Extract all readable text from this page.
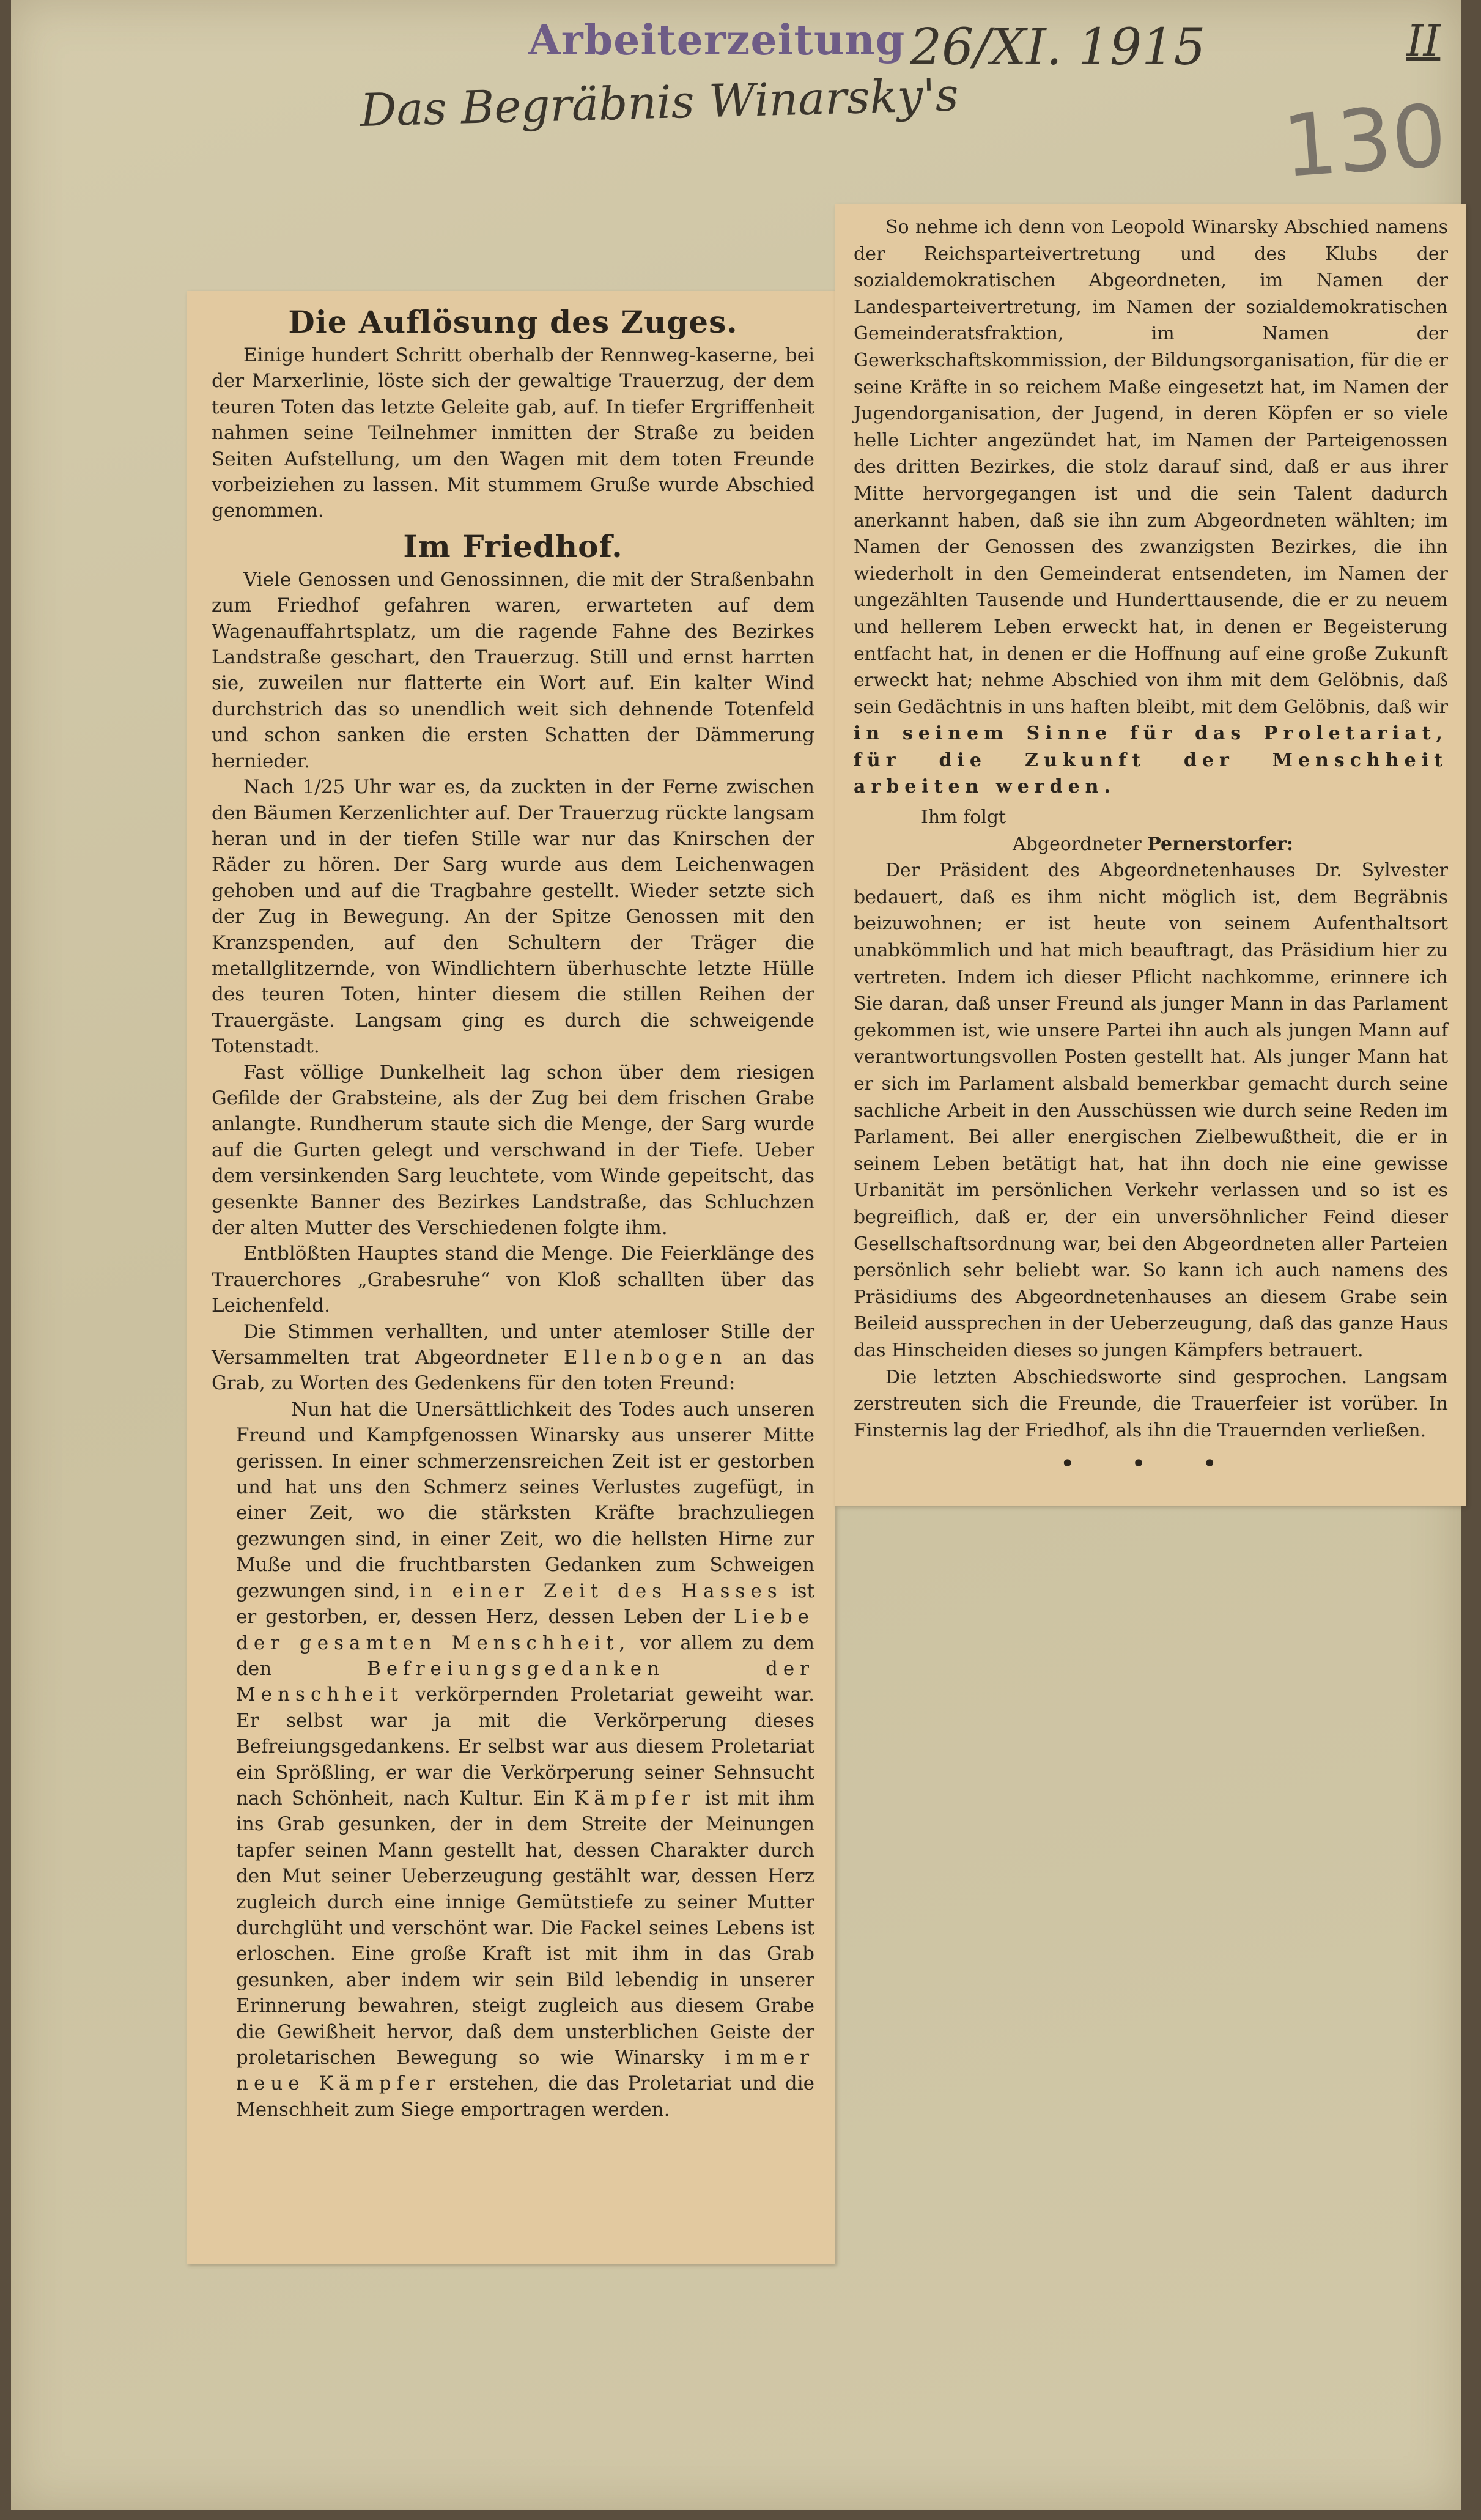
Arbeiterzeitung 26/XI. 1915	II
Das Begräbnis Winarsky's	130
Die Auflösung des Zuges.

Einige hundert Schritt oberhalb der Rennweg-kaserne, bei der Marxerlinie, löste sich der gewaltige Trauerzug, der dem teuren Toten das letzte Geleite gab, auf. In tiefer Ergriffenheit nahmen seine Teilnehmer inmitten der Straße zu beiden Seiten Aufstellung, um den Wagen mit dem toten Freunde vorbeiziehen zu lassen. Mit stummem Gruße wurde Abschied genommen.

Im Friedhof.

Viele Genossen und Genossinnen, die mit der Straßenbahn zum Friedhof gefahren waren, erwarteten auf dem Wagenauffahrtsplatz, um die ragende Fahne des Bezirkes Landstraße geschart, den Trauerzug. Still und ernst harrten sie, zuweilen nur flatterte ein Wort auf. Ein kalter Wind durchstrich das so unendlich weit sich dehnende Totenfeld und schon sanken die ersten Schatten der Dämmerung hernieder.

Nach 1/25 Uhr war es, da zuckten in der Ferne zwischen den Bäumen Kerzenlichter auf. Der Trauerzug rückte langsam heran und in der tiefen Stille war nur das Knirschen der Räder zu hören. Der Sarg wurde aus dem Leichenwagen gehoben und auf die Tragbahre gestellt. Wieder setzte sich der Zug in Bewegung. An der Spitze Genossen mit den Kranzspenden, auf den Schultern der Träger die metallglitzernde, von Windlichtern überhuschte letzte Hülle des teuren Toten, hinter diesem die stillen Reihen der Trauergäste. Langsam ging es durch die schweigende Totenstadt.

Fast völlige Dunkelheit lag schon über dem riesigen Gefilde der Grabsteine, als der Zug bei dem frischen Grabe anlangte. Rundherum staute sich die Menge, der Sarg wurde auf die Gurten gelegt und verschwand in der Tiefe. Ueber dem versinkenden Sarg leuchtete, vom Winde gepeitscht, das gesenkte Banner des Bezirkes Landstraße, das Schluchzen der alten Mutter des Verschiedenen folgte ihm.

Entblößten Hauptes stand die Menge. Die Feierklänge des Trauerchores „Grabesruhe“ von Kloß schallten über das Leichenfeld.

Die Stimmen verhallten, und unter atemloser Stille der Versammelten trat Abgeordneter Ellenbogen an das Grab, zu Worten des Gedenkens für den toten Freund:

Nun hat die Unersättlichkeit des Todes auch unseren Freund und Kampfgenossen Winarsky aus unserer Mitte gerissen. In einer schmerzensreichen Zeit ist er gestorben und hat uns den Schmerz seines Verlustes zugefügt, in einer Zeit, wo die stärksten Kräfte brachzuliegen gezwungen sind, in einer Zeit, wo die hellsten Hirne zur Muße und die fruchtbarsten Gedanken zum Schweigen gezwungen sind, in einer Zeit des Hasses ist er gestorben, er, dessen Herz, dessen Leben der Liebe der gesamten Menschheit, vor allem zu dem den	Befreiungsgedanken der Menschheit verkörpernden Proletariat geweiht war. Er selbst war ja mit die Verkörperung dieses Befreiungsgedankens. Er selbst war aus diesem Proletariat ein Sprößling, er war die Verkörperung seiner Sehnsucht nach Schönheit, nach Kultur. Ein Kämpfer ist mit ihm ins Grab gesunken, der in dem Streite der Meinungen tapfer seinen Mann gestellt hat, dessen Charakter durch den Mut seiner Ueberzeugung gestählt war, dessen Herz zugleich durch eine innige Gemütstiefe zu seiner Mutter durchglüht und verschönt war. Die Fackel seines Lebens ist erloschen. Eine große Kraft ist mit ihm in das Grab gesunken, aber indem wir sein Bild lebendig in unserer Erinnerung bewahren, steigt zugleich aus diesem Grabe die Gewißheit hervor, daß dem unsterblichen Geiste der proletarischen Bewegung so wie Winarsky immer neue Kämpfer erstehen, die das Proletariat und die Menschheit zum Siege emportragen werden.

So nehme ich denn von Leopold Winarsky Abschied namens der Reichsparteivertretung und des Klubs der sozialdemokratischen Abgeordneten, im Namen der Landesparteivertretung, im Namen der sozialdemokratischen Gemeinderatsfraktion, im Namen der Gewerkschaftskommission, der Bildungsorganisation, für die er seine Kräfte in so reichem Maße eingesetzt hat, im Namen der Jugendorganisation, der Jugend, in deren Köpfen er so viele helle Lichter angezündet hat, im Namen der Parteigenossen des dritten Bezirkes, die stolz darauf sind, daß er aus ihrer Mitte hervorgegangen ist und die sein Talent dadurch anerkannt haben, daß sie ihn zum Abgeordneten wählten; im Namen der Genossen des zwanzigsten Bezirkes, die ihn wiederholt in den Gemeinderat entsendeten, im Namen der ungezählten Tausende und Hunderttausende, die er zu neuem und hellerem Leben erweckt hat, in denen er Begeisterung entfacht hat, in denen er die Hoffnung auf eine große Zukunft erweckt hat; nehme Abschied von ihm mit dem Gelöbnis, daß sein Gedächtnis in uns haften bleibt, mit dem Gelöbnis, daß wir in seinem Sinne für das Proletariat, für die Zukunft der Menschheit arbeiten werden.

Ihm folgt

Abgeordneter Pernerstorfer:

Der Präsident des Abgeordnetenhauses Dr. Sylvester bedauert, daß es ihm nicht möglich ist, dem Begräbnis beizuwohnen; er ist heute von seinem Aufenthaltsort unabkömmlich und hat mich beauftragt, das Präsidium hier zu vertreten. Indem ich dieser Pflicht nachkomme, erinnere ich Sie daran, daß unser Freund als junger Mann in das Parlament gekommen ist, wie unsere Partei ihn auch als jungen Mann auf verantwortungsvollen Posten gestellt hat. Als junger Mann hat er sich im Parlament alsbald bemerkbar gemacht durch seine sachliche Arbeit in den Ausschüssen wie durch seine Reden im Parlament. Bei aller energischen Zielbewußtheit, die er in seinem Leben betätigt hat, hat ihn doch nie eine gewisse Urbanität im persönlichen Verkehr verlassen und so ist es begreiflich, daß er, der ein unversöhnlicher Feind dieser Gesellschaftsordnung war, bei den Abgeordneten aller Parteien persönlich sehr beliebt war. So kann ich auch namens des Präsidiums des Abgeordnetenhauses an diesem Grabe sein Beileid aussprechen in der Ueberzeugung, daß das ganze Haus das Hinscheiden dieses so jungen Kämpfers betrauert.

Die letzten Abschiedsworte sind gesprochen. Langsam zerstreuten sich die Freunde, die Trauerfeier ist vorüber. In Finsternis lag der Friedhof, als ihn die Trauernden verließen.

• • •
